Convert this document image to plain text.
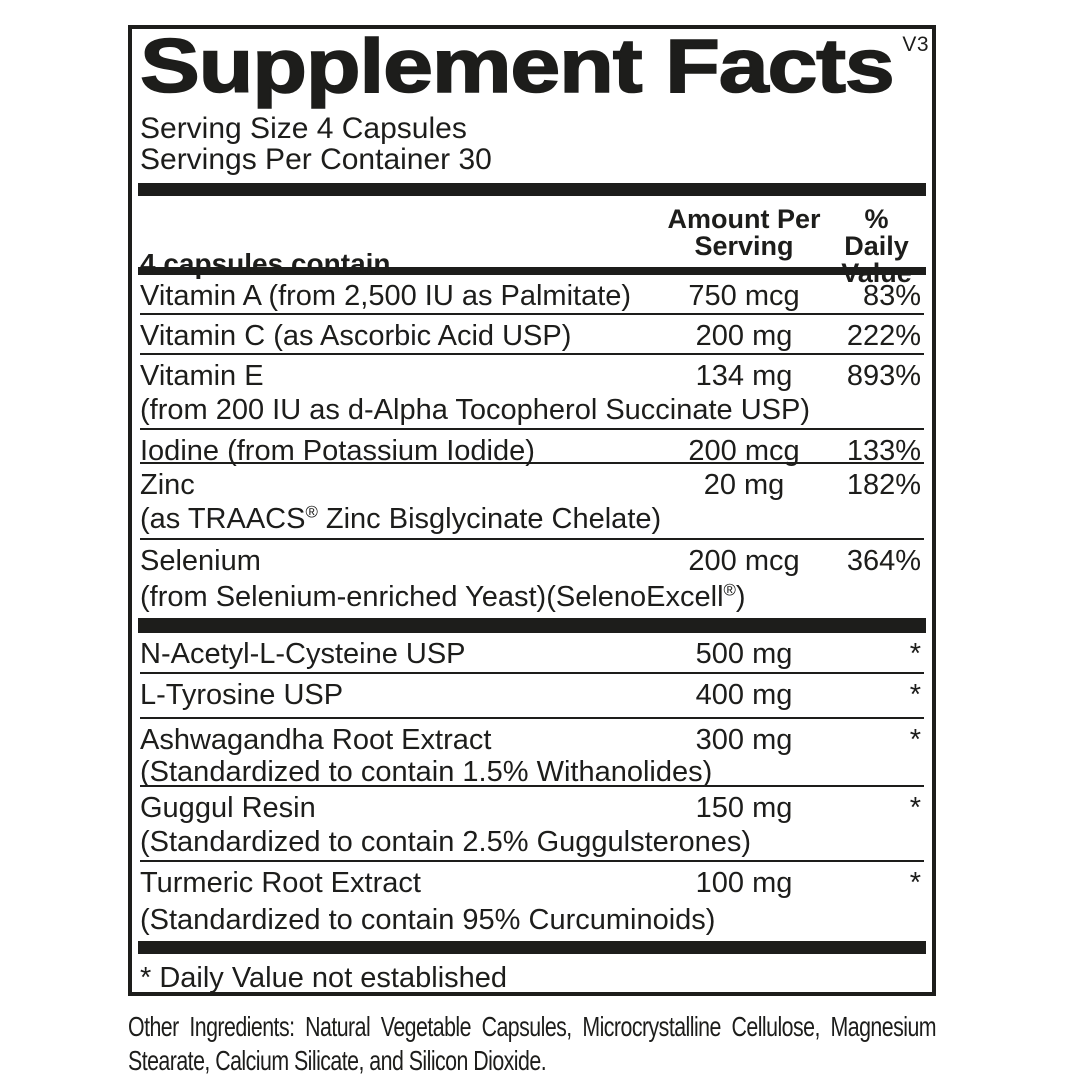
V3
Supplement Facts
Serving Size 4 Capsules
Servings Per Container 30
4 capsules contain
Amount Per
Serving
% Daily
Value
Vitamin A (from 2,500 IU as Palmitate)	750 mcg	83%
Vitamin C (as Ascorbic Acid USP)	200 mg	222%
Vitamin E	134 mg	893%
(from 200 IU as d-Alpha Tocopherol Succinate USP)
Iodine (from Potassium Iodide)	200 mcg	133%
Zinc	20 mg	182%
(as TRAACS® Zinc Bisglycinate Chelate)
Selenium	200 mcg	364%
(from Selenium-enriched Yeast)(SelenoExcell®)
N-Acetyl-L-Cysteine USP	500 mg	*
L-Tyrosine USP	400 mg	*
Ashwagandha Root Extract	300 mg	*
(Standardized to contain 1.5% Withanolides)
Guggul Resin	150 mg	*
(Standardized to contain 2.5% Guggulsterones)
Turmeric Root Extract	100 mg	*
(Standardized to contain 95% Curcuminoids)
* Daily Value not established
Other Ingredients: Natural Vegetable Capsules, Microcrystalline Cellulose, Magnesium
Stearate, Calcium Silicate, and Silicon Dioxide.
